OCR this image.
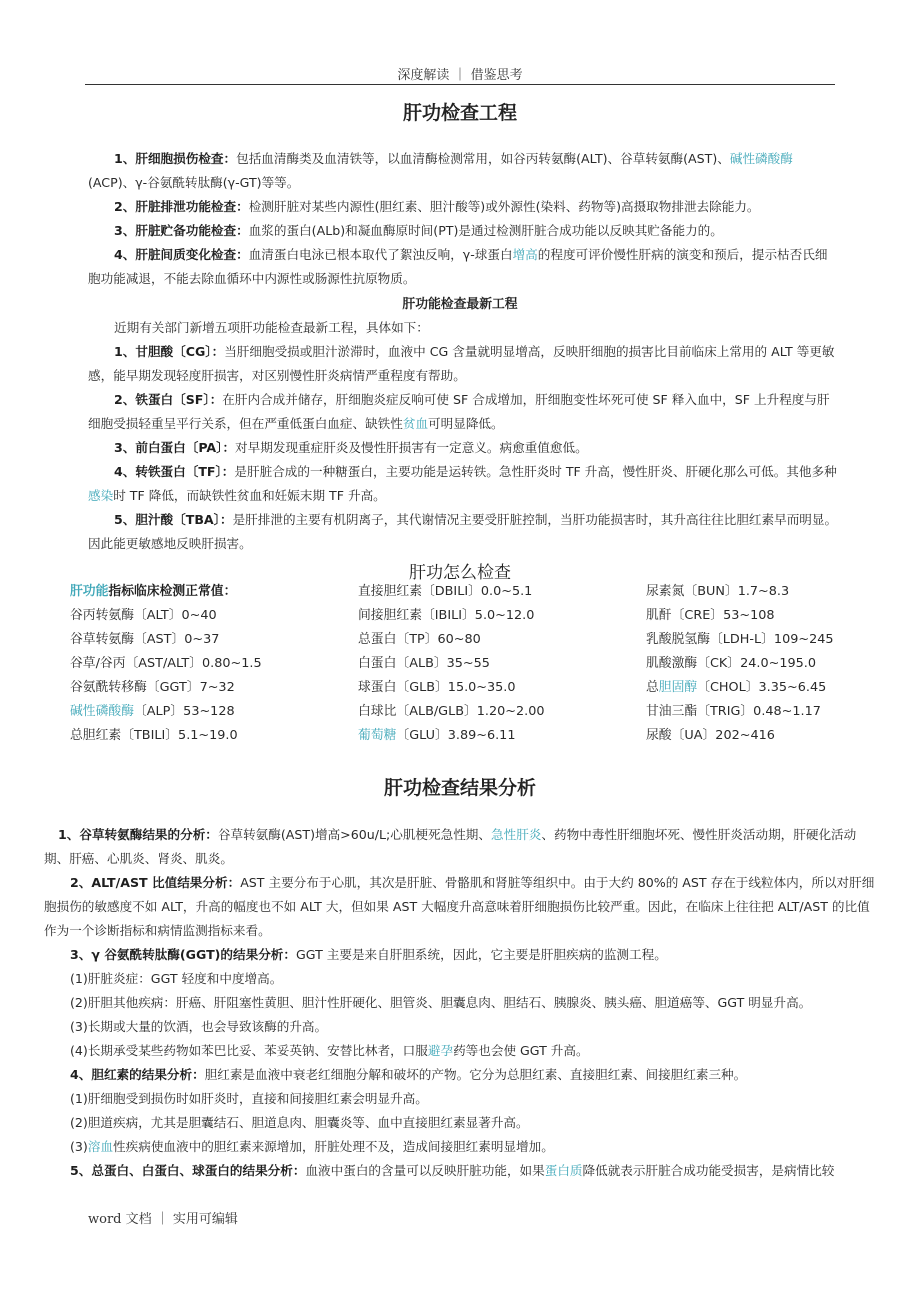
深度解读 ｜ 借鉴思考
肝功检查工程
1、肝细胞损伤检查：包括血清酶类及血清铁等，以血清酶检测常用，如谷丙转氨酶(ALT)、谷草转氨酶(AST)、碱性磷酸酶(ACP)、γ-谷氨酰转肽酶(γ-GT)等等。
2、肝脏排泄功能检查：检测肝脏对某些内源性(胆红素、胆汁酸等)或外源性(染料、药物等)高摄取物排泄去除能力。
3、肝脏贮备功能检查：血浆的蛋白(ALb)和凝血酶原时间(PT)是通过检测肝脏合成功能以反映其贮备能力的。
4、肝脏间质变化检查：血清蛋白电泳已根本取代了絮浊反响，γ-球蛋白增高的程度可评价慢性肝病的演变和预后，提示枯否氏细胞功能减退，不能去除血循环中内源性或肠源性抗原物质。
肝功能检查最新工程
近期有关部门新增五项肝功能检查最新工程，具体如下：
1、甘胆酸〔CG〕：当肝细胞受损或胆汁淤滞时，血液中 CG 含量就明显增高，反映肝细胞的损害比目前临床上常用的 ALT 等更敏感，能早期发现轻度肝损害，对区别慢性肝炎病情严重程度有帮助。
2、铁蛋白〔SF〕：在肝内合成并储存，肝细胞炎症反响可使 SF 合成增加，肝细胞变性坏死可使 SF 释入血中，SF 上升程度与肝细胞受损轻重呈平行关系，但在严重低蛋白血症、缺铁性贫血可明显降低。
3、前白蛋白〔PA〕：对早期发现重症肝炎及慢性肝损害有一定意义。病愈重值愈低。
4、转铁蛋白〔TF〕：是肝脏合成的一种糖蛋白，主要功能是运转铁。急性肝炎时 TF 升高，慢性肝炎、肝硬化那么可低。其他多种感染时 TF 降低，而缺铁性贫血和妊娠末期 TF 升高。
5、胆汁酸〔TBA〕：是肝排泄的主要有机阴离子，其代谢情况主要受肝脏控制，当肝功能损害时，其升高往往比胆红素早而明显。因此能更敏感地反映肝损害。
肝功怎么检查
肝功能指标临床检测正常值：
谷丙转氨酶〔ALT〕0~40
谷草转氨酶〔AST〕0~37
谷草/谷丙〔AST/ALT〕0.80~1.5
谷氨酰转移酶〔GGT〕7~32
碱性磷酸酶〔ALP〕53~128
总胆红素〔TBILI〕5.1~19.0
直接胆红素〔DBILI〕0.0~5.1
间接胆红素〔IBILI〕5.0~12.0
总蛋白〔TP〕60~80
白蛋白〔ALB〕35~55
球蛋白〔GLB〕15.0~35.0
白球比〔ALB/GLB〕1.20~2.00
葡萄糖〔GLU〕3.89~6.11
尿素氮〔BUN〕1.7~8.3
肌酐〔CRE〕53~108
乳酸脱氢酶〔LDH-L〕109~245
肌酸激酶〔CK〕24.0~195.0
总胆固醇〔CHOL〕3.35~6.45
甘油三酯〔TRIG〕0.48~1.17
尿酸〔UA〕202~416
肝功检查结果分析
1、谷草转氨酶结果的分析：谷草转氨酶(AST)增高>60u/L;心肌梗死急性期、急性肝炎、药物中毒性肝细胞坏死、慢性肝炎活动期，肝硬化活动期、肝癌、心肌炎、肾炎、肌炎。
2、ALT/AST 比值结果分析：AST 主要分布于心肌，其次是肝脏、骨骼肌和肾脏等组织中。由于大约 80%的 AST 存在于线粒体内，所以对肝细胞损伤的敏感度不如 ALT，升高的幅度也不如 ALT 大，但如果 AST 大幅度升高意味着肝细胞损伤比较严重。因此，在临床上往往把 ALT/AST 的比值作为一个诊断指标和病情监测指标来看。
3、γ 谷氨酰转肽酶(GGT)的结果分析：GGT 主要是来自肝胆系统，因此，它主要是肝胆疾病的监测工程。
(1)肝脏炎症：GGT 轻度和中度增高。
(2)肝胆其他疾病：肝癌、肝阻塞性黄胆、胆汁性肝硬化、胆管炎、胆囊息肉、胆结石、胰腺炎、胰头癌、胆道癌等、GGT 明显升高。
(3)长期或大量的饮酒，也会导致该酶的升高。
(4)长期承受某些药物如苯巴比妥、苯妥英钠、安替比林者，口服避孕药等也会使 GGT 升高。
4、胆红素的结果分析：胆红素是血液中衰老红细胞分解和破坏的产物。它分为总胆红素、直接胆红素、间接胆红素三种。
(1)肝细胞受到损伤时如肝炎时，直接和间接胆红素会明显升高。
(2)胆道疾病，尤其是胆囊结石、胆道息肉、胆囊炎等、血中直接胆红素显著升高。
(3)溶血性疾病使血液中的胆红素来源增加，肝脏处理不及，造成间接胆红素明显增加。
5、总蛋白、白蛋白、球蛋白的结果分析：血液中蛋白的含量可以反映肝脏功能，如果蛋白质降低就表示肝脏合成功能受损害，是病情比较
word 文档 ｜ 实用可编辑
